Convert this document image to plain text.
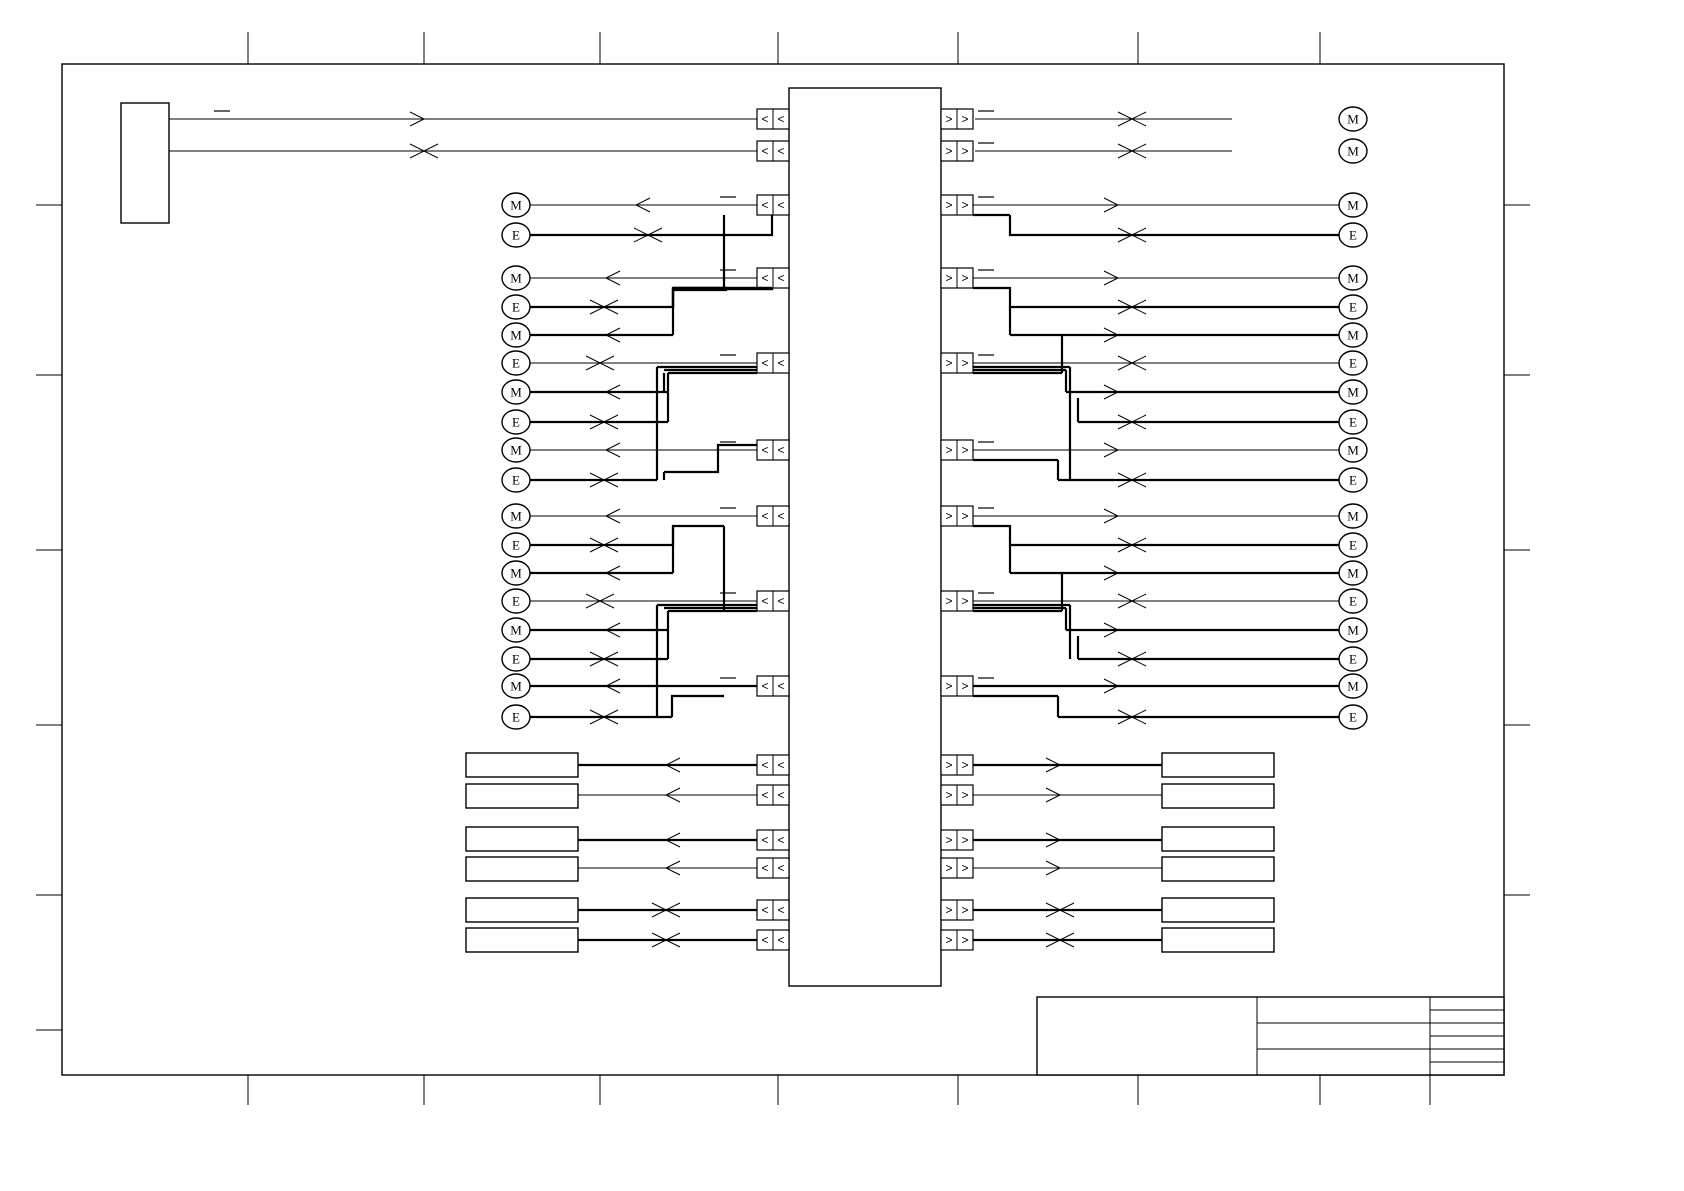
< <
< <
< <
< <
< <
< <
< <
< <
< <
< <
< <
< <
< <
< <
< <
> >
> >
> >
> >
> >
> >
> >
> >
> >
> >
> >
> >
> >
> >
> >
M
E
M
E
M
E
M
E
M
E
M
E
M
E
M
E
M
E
M
M
M
E
M
E
M
E
M
E
M
E
M
E
M
E
M
E
M
E
